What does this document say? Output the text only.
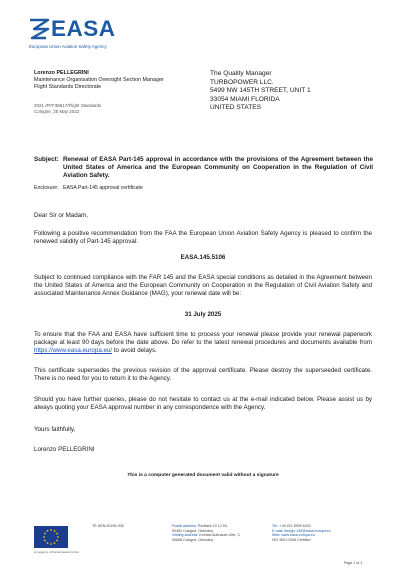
EASA
European Union Aviation Safety Agency
Lorenzo PELLEGRINI
Maintenance Organisation Oversight Section Manager
Flight Standards Directorate
2021 /FFF38617/Flight Standards
Cologne, 25 May 2022
The Quality Manager
TURBOPOWER LLC.
5499 NW 145TH STREET, UNIT 1
33054 MIAMI FLORIDA
UNITED STATES
Subject: Renewal of EASA Part-145 approval in accordance with the provisions of the Agreement between the United States of America and the European Community on Cooperation in the Regulation of Civil Aviation Safety.
Enclosure: EASA Part-145 approval certificate
Dear Sir or Madam,
Following a positive recommendation from the FAA the European Union Aviation Safety Agency is pleased to confirm the renewed validity of Part-145 approval:
EASA.145.5106
Subject to continued compliance with the FAR 145 and the EASA special conditions as detailed in the Agreement between the United States of America and the European Community on Cooperation in the Regulation of Civil Aviation Safety and associated Maintenance Annex Guidance (MAG), your renewal date will be:
31 July 2025
To ensure that the FAA and EASA have sufficient time to process your renewal please provide your renewal paperwork package at least 90 days before the date above. Do refer to the latest renewal procedures and documents available from https://www.easa.europa.eu/ to avoid delays.
This certificate supersedes the previous revision of the approval certificate. Please destroy the superseeded certificate. There is no need for you to return it to the Agency.
Should you have further queries, please do not hesitate to contact us at the e-mail indicated below. Please assist us by always quoting your EASA approval number in any correspondence with the Agency.
Yours faithfully,
Lorenzo PELLEGRINI
This is a computer generated document valid without a signature
An agency of the European Union
TE.GEN.00155-006	Postal address: Postfach 10 12 53,
50452 Cologne, Germany
Visiting address: Konrad-Adenauer-Ufer, 3
50668 Cologne, Germany
Tel.: +49 221 8999 6200
E-mail: foreign.145@easa.europa.eu
Web: www.easa.europa.eu
ISO 9001:2008 Certified
Page 1 of 1
